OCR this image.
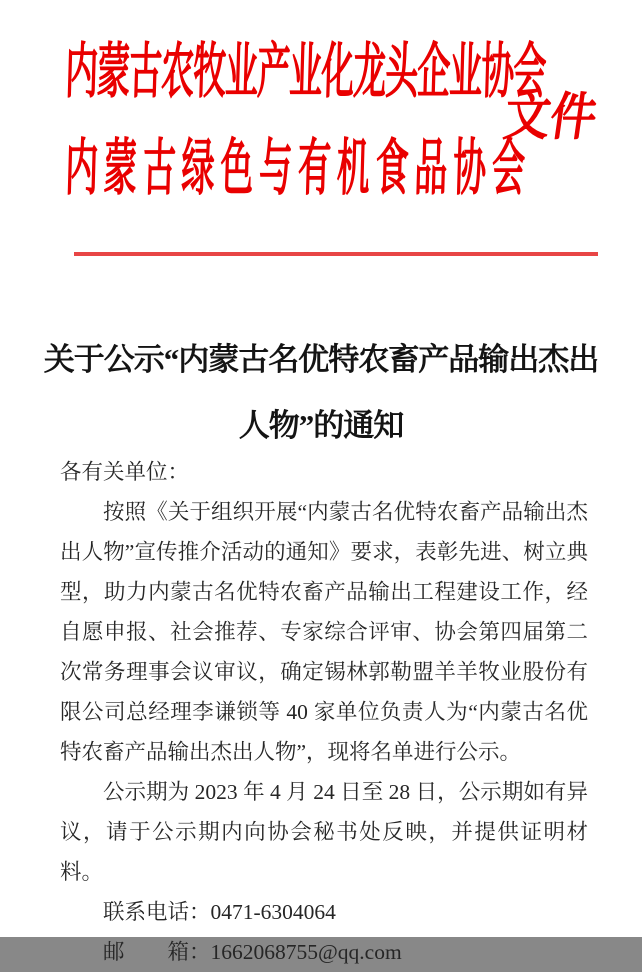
内蒙古农牧业产业化龙头企业协会
文件
内蒙古绿色与有机食品协会
关于公示“内蒙古名优特农畜产品输出杰出
人物”的通知

各有关单位：

按照《关于组织开展“内蒙古名优特农畜产品输出杰出人物”宣传推介活动的通知》要求，表彰先进、树立典型，助力内蒙古名优特农畜产品输出工程建设工作，经自愿申报、社会推荐、专家综合评审、协会第四届第二次常务理事会议审议，确定锡林郭勒盟羊羊牧业股份有限公司总经理李谦锁等 40 家单位负责人为“内蒙古名优特农畜产品输出杰出人物”，现将名单进行公示。

公示期为 2023 年 4 月 24 日至 28 日，公示期如有异议，请于公示期内向协会秘书处反映，并提供证明材料。

联系电话：0471-6304064

邮　　箱：1662068755@qq.com
